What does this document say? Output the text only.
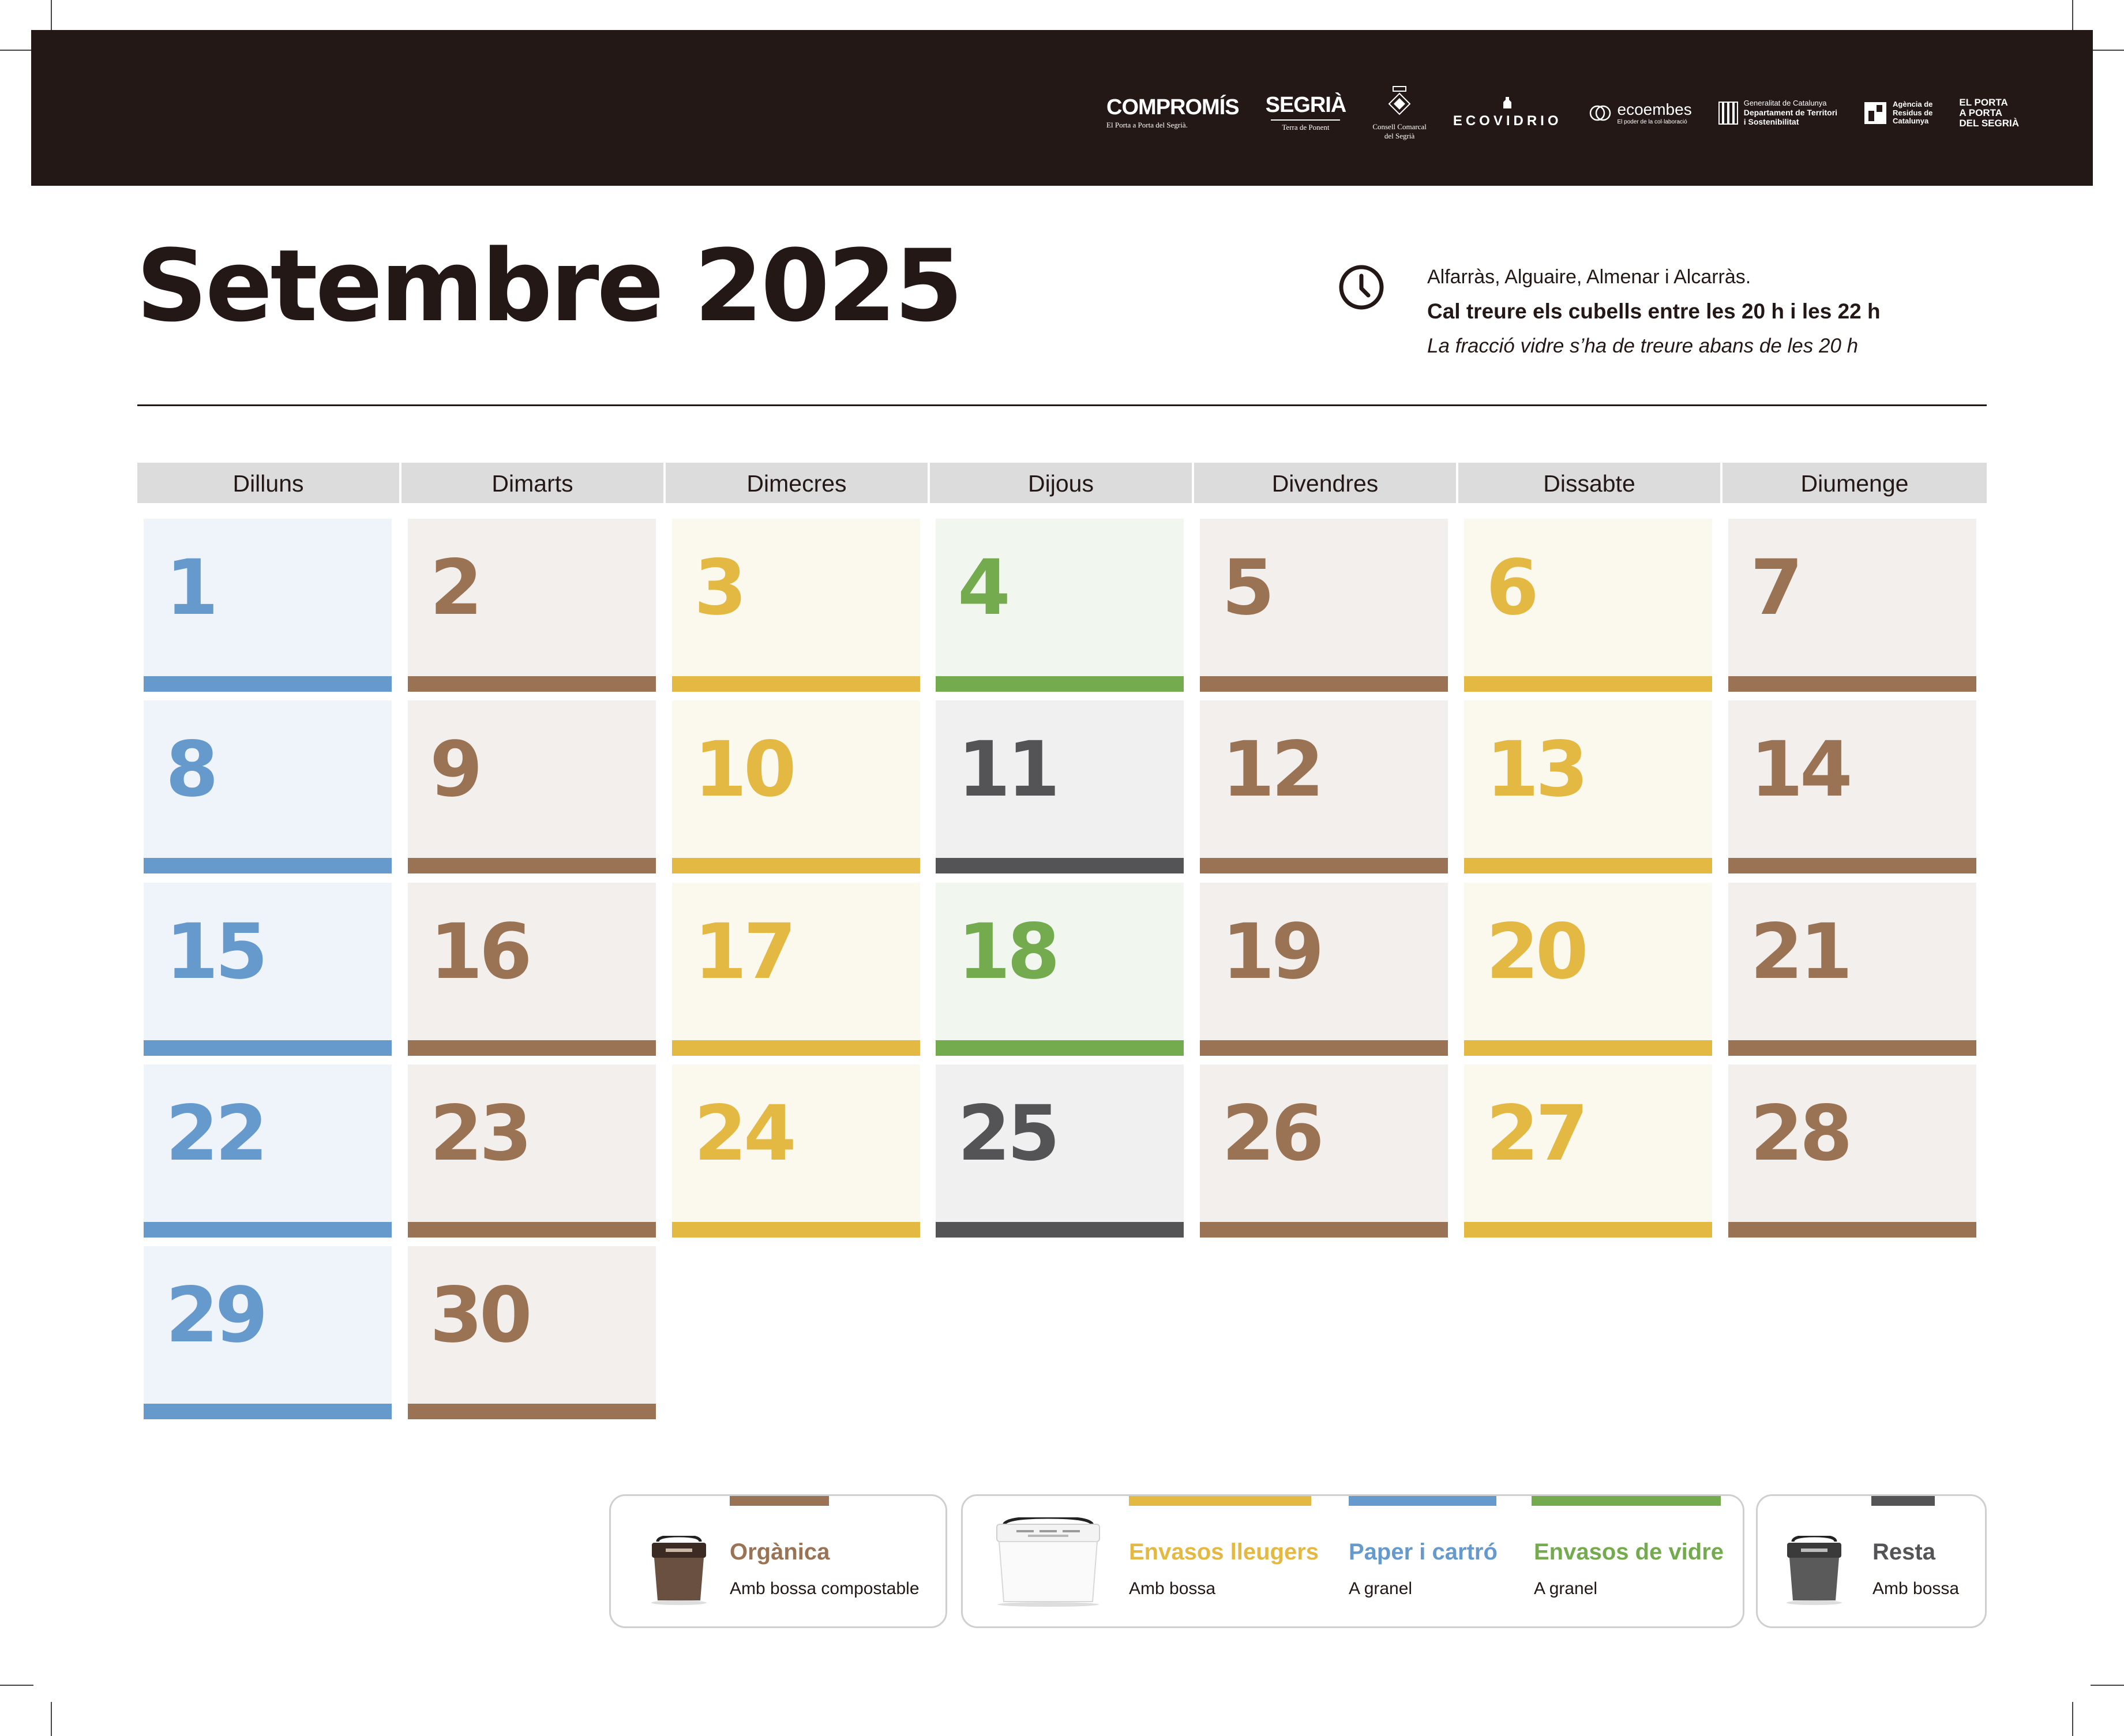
COMPROMÍS
El Porta a Porta del Segrià.
SEGRIÀ
Terra de Ponent	Consell Comarcal
del Segrià
ECOVIDRIO
ecoembes
El poder de la col·laboració
Generalitat de Catalunya
Departament de Territori
i Sostenibilitat
Agència de
Residus de
Catalunya
EL PORTA
A PORTA
DEL SEGRIÀ
Setembre 2025	Alfarràs, Alguaire, Almenar i Alcarràs.
Cal treure els cubells entre les 20 h i les 22 h
La fracció vidre s’ha de treure abans de les 20 h
Dilluns	Dimarts	Dimecres	Dijous	Divendres	Dissabte	Diumenge
1	2	3	4	5	6	7
8	9	10 11 12 13 14
15 16 17 18 19 20 21
22 23 24 25 26 27 28
29 30
Orgànica
Amb bossa compostable
Envasos lleugers
Amb bossa
Paper i cartró
A granel
Envasos de vidre
A granel
Resta
Amb bossa
